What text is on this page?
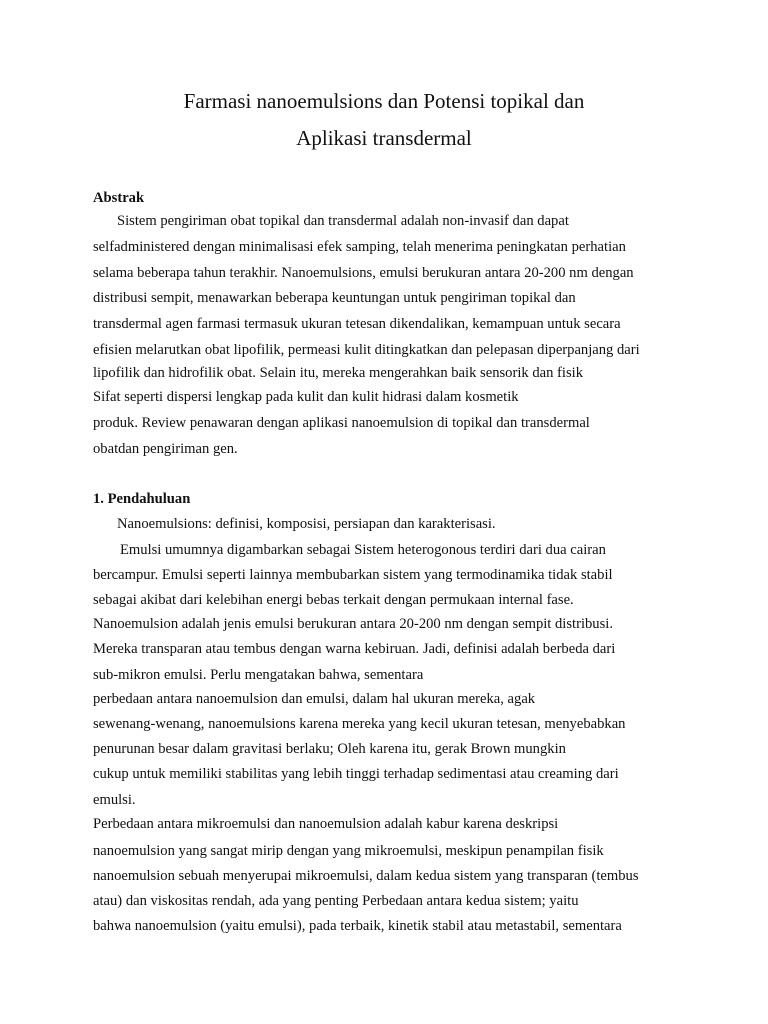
Farmasi nanoemulsions dan Potensi topikal dan
Aplikasi transdermal
Abstrak
Sistem pengiriman obat topikal dan transdermal adalah non-invasif dan dapat
selfadministered dengan minimalisasi efek samping, telah menerima peningkatan perhatian
selama beberapa tahun terakhir. Nanoemulsions, emulsi berukuran antara 20-200 nm dengan
distribusi sempit, menawarkan beberapa keuntungan untuk pengiriman topikal dan
transdermal agen farmasi termasuk ukuran tetesan dikendalikan, kemampuan untuk secara
efisien melarutkan obat lipofilik, permeasi kulit ditingkatkan dan pelepasan diperpanjang dari
lipofilik dan hidrofilik obat. Selain itu, mereka mengerahkan baik sensorik dan fisik
Sifat seperti dispersi lengkap pada kulit dan kulit hidrasi dalam kosmetik
produk. Review penawaran dengan aplikasi nanoemulsion di topikal dan transdermal
obatdan pengiriman gen.
1. Pendahuluan
Nanoemulsions: definisi, komposisi, persiapan dan karakterisasi.
Emulsi umumnya digambarkan sebagai Sistem heterogonous terdiri dari dua cairan
bercampur. Emulsi seperti lainnya membubarkan sistem yang termodinamika tidak stabil
sebagai akibat dari kelebihan energi bebas terkait dengan permukaan internal fase.
Nanoemulsion adalah jenis emulsi berukuran antara 20-200 nm dengan sempit distribusi.
Mereka transparan atau tembus dengan warna kebiruan. Jadi, definisi adalah berbeda dari
sub-mikron emulsi. Perlu mengatakan bahwa, sementara
perbedaan antara nanoemulsion dan emulsi, dalam hal ukuran mereka, agak
sewenang-wenang, nanoemulsions karena mereka yang kecil ukuran tetesan, menyebabkan
penurunan besar dalam gravitasi berlaku; Oleh karena itu, gerak Brown mungkin
cukup untuk memiliki stabilitas yang lebih tinggi terhadap sedimentasi atau creaming dari
emulsi.
Perbedaan antara mikroemulsi dan nanoemulsion adalah kabur karena deskripsi
nanoemulsion yang sangat mirip dengan yang mikroemulsi, meskipun penampilan fisik
nanoemulsion sebuah menyerupai mikroemulsi, dalam kedua sistem yang transparan (tembus
atau) dan viskositas rendah, ada yang penting Perbedaan antara kedua sistem; yaitu
bahwa nanoemulsion (yaitu emulsi), pada terbaik, kinetik stabil atau metastabil, sementara
